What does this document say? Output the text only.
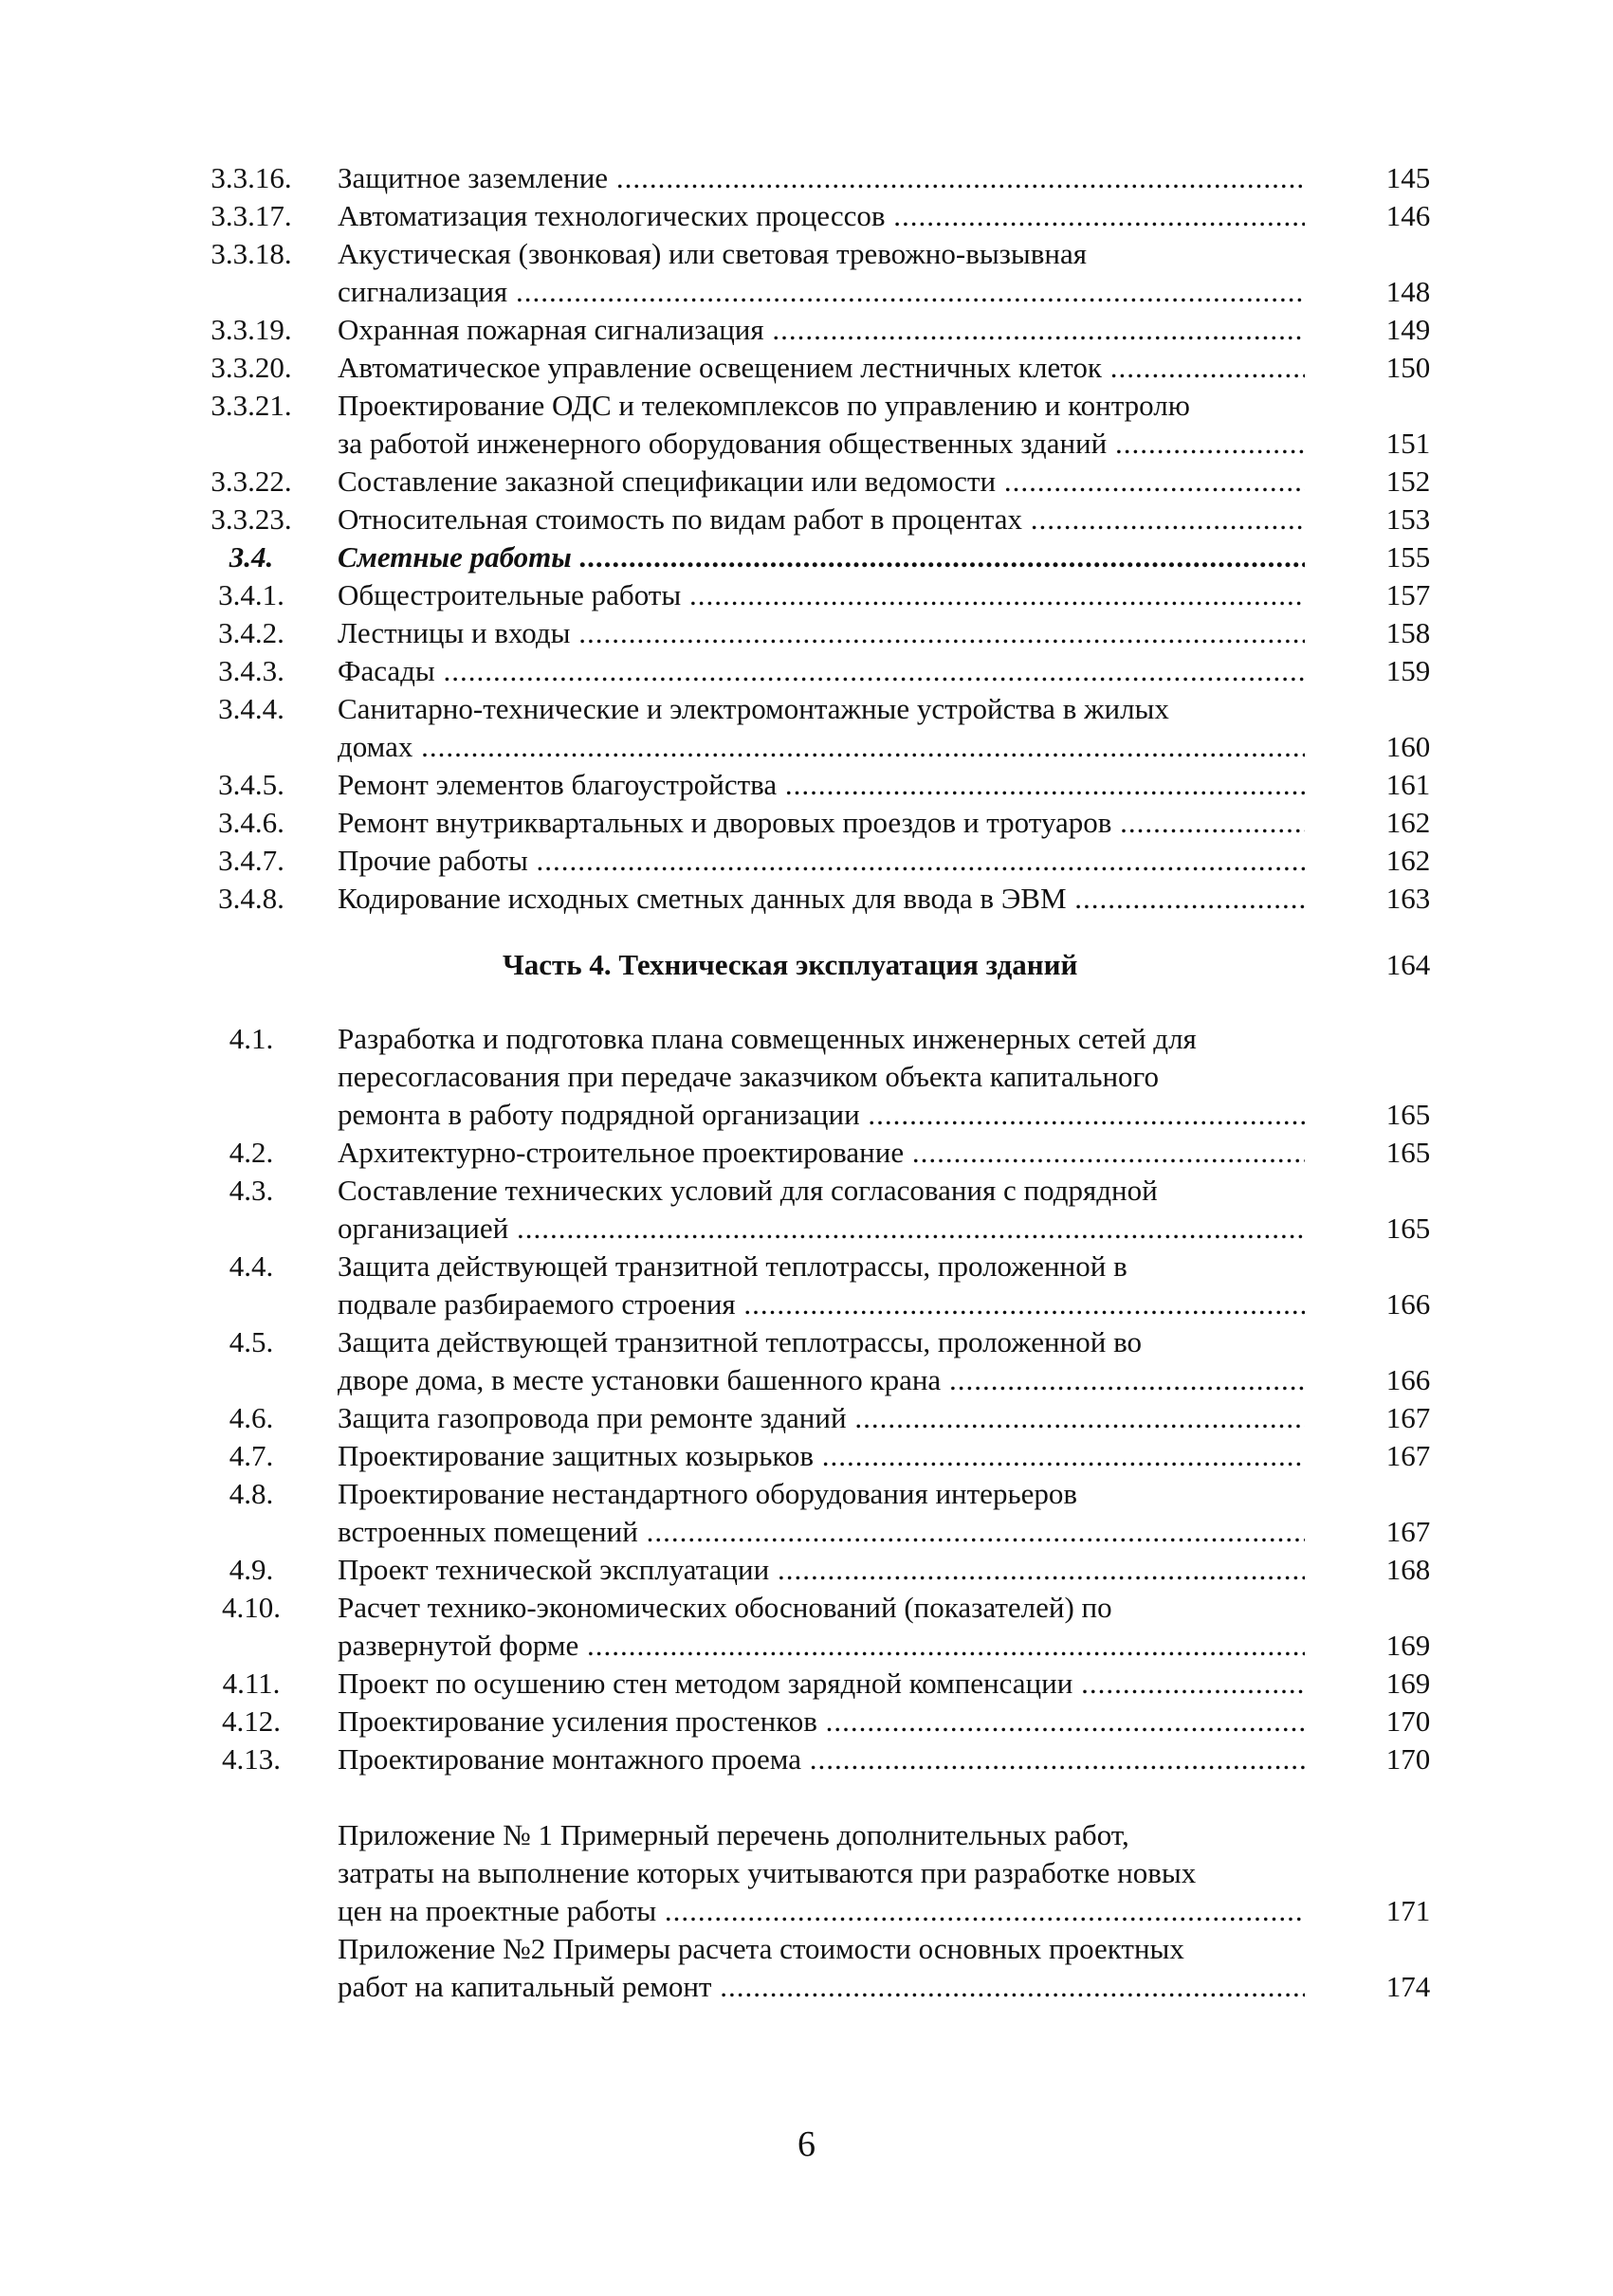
3.3.16.	Защитное заземление .....	145
3.3.17.	Автоматизация технологических процессов .....	146
3.3.18.	Акустическая (звонковая) или световая тревожно-вызывная
сигнализация .....	148
3.3.19.	Охранная пожарная сигнализация .....	149
3.3.20.	Автоматическое управление освещением лестничных клеток .....	150
3.3.21.	Проектирование ОДС и телекомплексов по управлению и контролю
за работой инженерного оборудования общественных зданий .....	151
3.3.22.	Составление заказной спецификации или ведомости .....	152
3.3.23.	Относительная стоимость по видам работ в процентах .....	153
3.4.	Сметные работы .....	155
3.4.1.	Общестроительные работы .....	157
3.4.2.	Лестницы и входы .....	158
3.4.3.	Фасады .....	159
3.4.4.	Санитарно-технические и электромонтажные устройства в жилых
домах .....	160
3.4.5.	Ремонт элементов благоустройства .....	161
3.4.6.	Ремонт внутриквартальных и дворовых проездов и тротуаров .....	162
3.4.7.	Прочие работы .....	162
3.4.8.	Кодирование исходных сметных данных для ввода в ЭВМ .....	163
Часть 4. Техническая эксплуатация зданий	164
4.1.	Разработка и подготовка плана совмещенных инженерных сетей для
пересогласования при передаче заказчиком объекта капитального
ремонта в работу подрядной организации .....	165
4.2.	Архитектурно-строительное проектирование .....	165
4.3.	Составление технических условий для согласования с подрядной
организацией .....	165
4.4.	Защита действующей транзитной теплотрассы, проложенной в
подвале разбираемого строения .....	166
4.5.	Защита действующей транзитной теплотрассы, проложенной во
дворе дома, в месте установки башенного крана .....	166
4.6.	Защита газопровода при ремонте зданий .....	167
4.7.	Проектирование защитных козырьков .....	167
4.8.	Проектирование нестандартного оборудования интерьеров
встроенных помещений .....	167
4.9.	Проект технической эксплуатации .....	168
4.10.	Расчет технико-экономических обоснований (показателей) по
развернутой форме .....	169
4.11.	Проект по осушению стен методом зарядной компенсации .....	169
4.12.	Проектирование усиления простенков .....	170
4.13.	Проектирование монтажного проема .....	170
Приложение № 1 Примерный перечень дополнительных работ,
затраты на выполнение которых учитываются при разработке новых
цен на проектные работы .....	171
Приложение №2 Примеры расчета стоимости основных проектных
работ на капитальный ремонт .....	174
6
